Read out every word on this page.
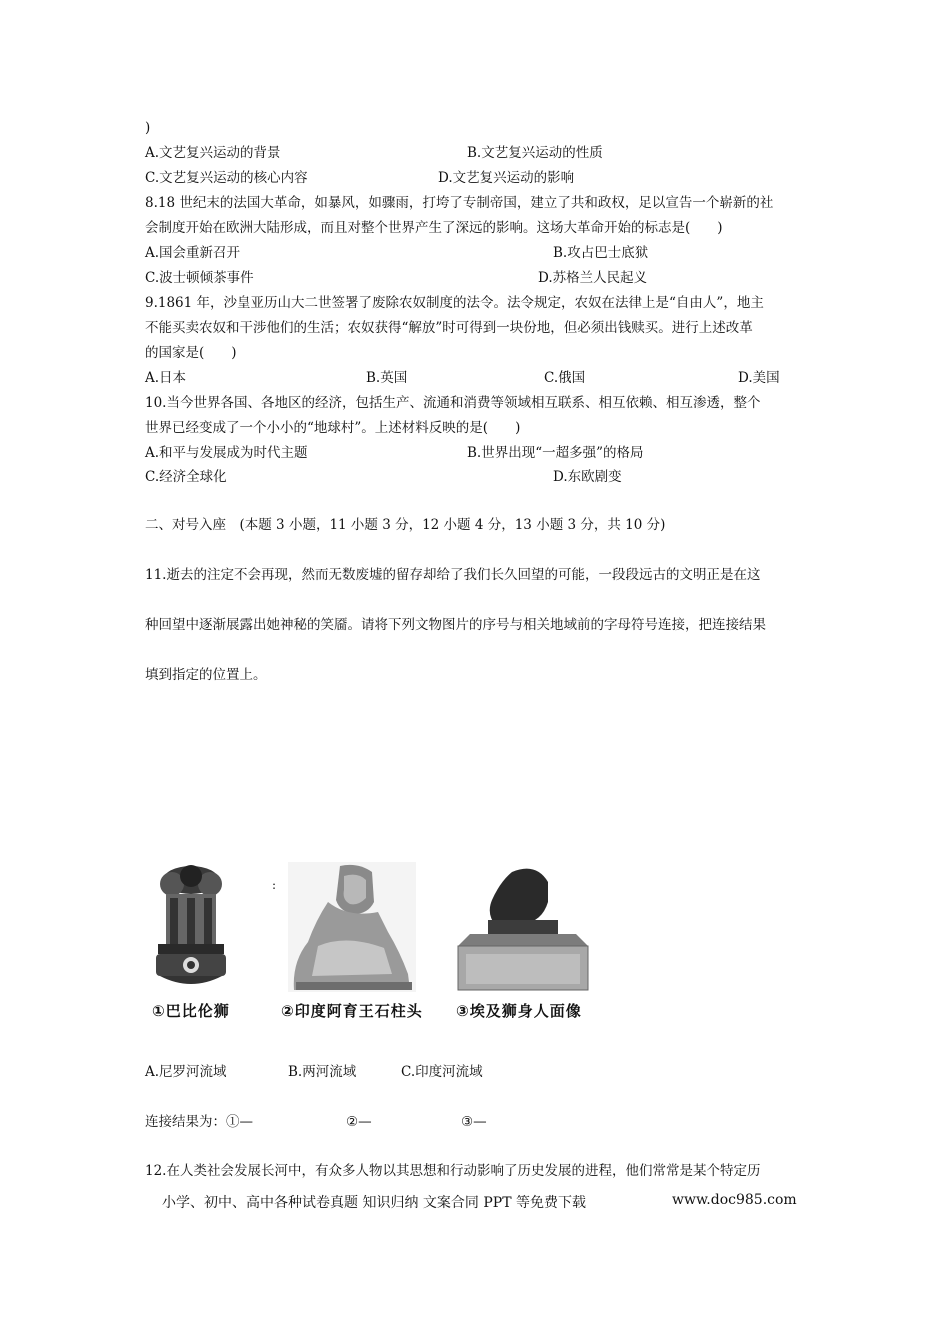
)
A.文艺复兴运动的背景	B.文艺复兴运动的性质
C.文艺复兴运动的核心内容	D.文艺复兴运动的影响
8.18 世纪末的法国大革命，如暴风，如骤雨，打垮了专制帝国，建立了共和政权，足以宣告一个崭新的社
会制度开始在欧洲大陆形成，而且对整个世界产生了深远的影响。这场大革命开始的标志是(　　)
A.国会重新召开	B.攻占巴士底狱
C.波士顿倾茶事件	D.苏格兰人民起义
9.1861 年，沙皇亚历山大二世签署了废除农奴制度的法令。法令规定，农奴在法律上是“自由人”，地主
不能买卖农奴和干涉他们的生活；农奴获得“解放”时可得到一块份地，但必须出钱赎买。进行上述改革
的国家是(　　)
A.日本	B.英国	C.俄国	D.美国
10.当今世界各国、各地区的经济，包括生产、流通和消费等领域相互联系、相互依赖、相互渗透，整个
世界已经变成了一个小小的“地球村”。上述材料反映的是(　　)
A.和平与发展成为时代主题	B.世界出现“一超多强”的格局
C.经济全球化	D.东欧剧变
二、对号入座　(本题 3 小题，11 小题 3 分，12 小题 4 分，13 小题 3 分，共 10 分)
11.逝去的注定不会再现，然而无数废墟的留存却给了我们长久回望的可能，一段段远古的文明正是在这
种回望中逐渐展露出她神秘的笑靥。请将下列文物图片的序号与相关地域前的字母符号连接，把连接结果
填到指定的位置上。
:
①巴比伦狮	②印度阿育王石柱头 ③埃及狮身人面像
A.尼罗河流域	B.两河流域	C.印度河流域
连接结果为：①—	②—	③—
12.在人类社会发展长河中，有众多人物以其思想和行动影响了历史发展的进程，他们常常是某个特定历
小学、初中、高中各种试卷真题 知识归纳 文案合同 PPT 等免费下载	www.doc985.com
